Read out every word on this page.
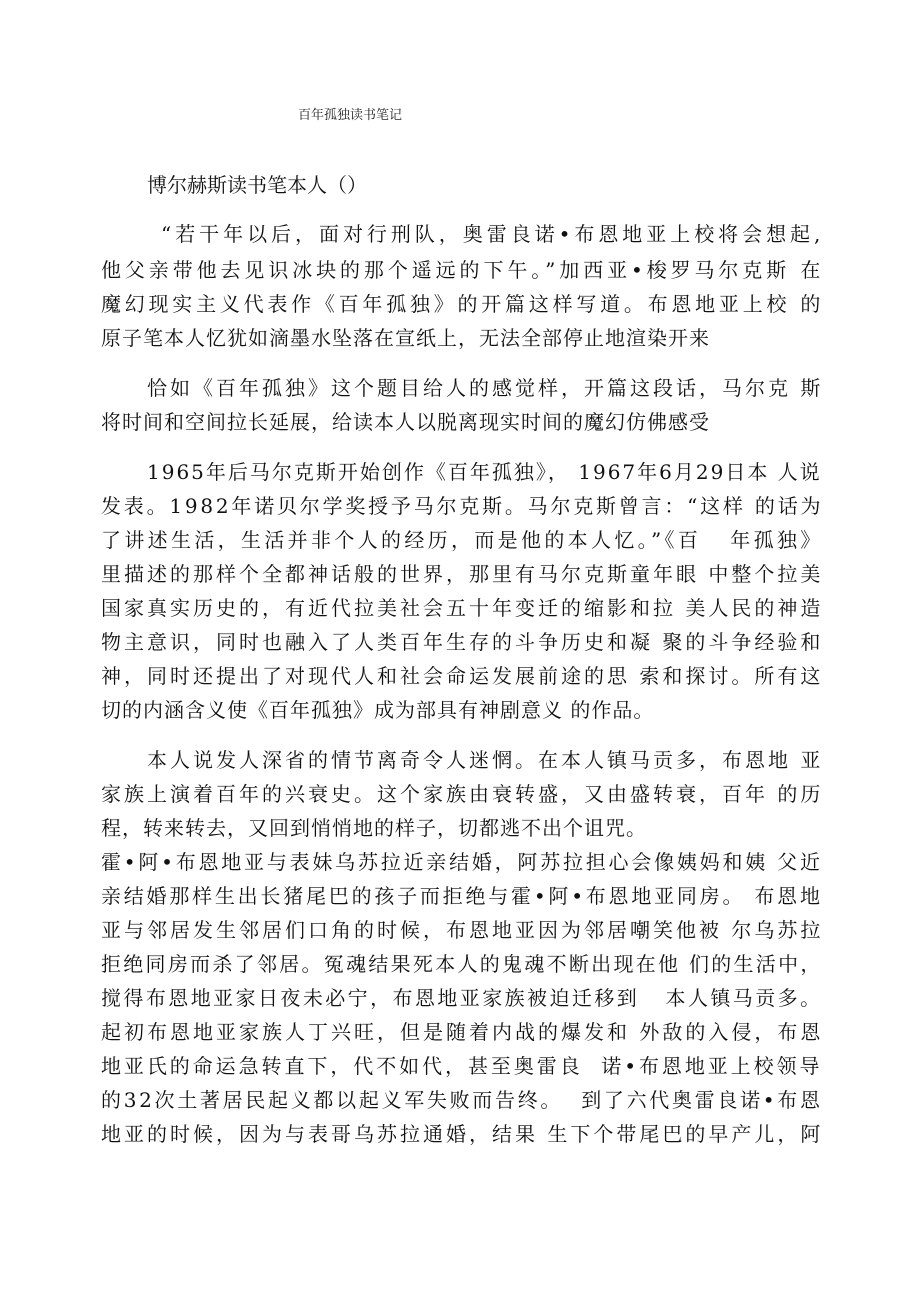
百年孤独读书笔记
博尔赫斯读书笔本人（）
“若干年以后，面对行刑队，奥雷良诺•布恩地亚上校将会想起,
他父亲带他去见识冰块的那个遥远的下午。”加西亚•梭罗马尔克斯 在
魔幻现实主义代表作《百年孤独》的开篇这样写道。布恩地亚上校 的
原子笔本人忆犹如滴墨水坠落在宣纸上，无法全部停止地渲染开来
恰如《百年孤独》这个题目给人的感觉样，开篇这段话，马尔克 斯
将时间和空间拉长延展，给读本人以脱离现实时间的魔幻仿佛感受
1965年后马尔克斯开始创作《百年孤独》， 1967年6月29日本 人说
发表。1982年诺贝尔学奖授予马尔克斯。马尔克斯曾言：“这样 的话为
了讲述生活，生活并非个人的经历，而是他的本人忆。”《百   年孤独》
里描述的那样个全都神话般的世界，那里有马尔克斯童年眼 中整个拉美
国家真实历史的，有近代拉美社会五十年变迁的缩影和拉 美人民的神造
物主意识，同时也融入了人类百年生存的斗争历史和凝 聚的斗争经验和
神，同时还提出了对现代人和社会命运发展前途的思 索和探讨。所有这
切的内涵含义使《百年孤独》成为部具有神剧意义 的作品。
本人说发人深省的情节离奇令人迷惘。在本人镇马贡多，布恩地 亚
家族上演着百年的兴衰史。这个家族由衰转盛，又由盛转衰，百年 的历
程，转来转去，又回到悄悄地的样子，切都逃不出个诅咒。
霍•阿•布恩地亚与表妹乌苏拉近亲结婚，阿苏拉担心会像姨妈和姨 父近
亲结婚那样生出长猪尾巴的孩子而拒绝与霍•阿•布恩地亚同房。 布恩地
亚与邻居发生邻居们口角的时候，布恩地亚因为邻居嘲笑他被 尔乌苏拉
拒绝同房而杀了邻居。冤魂结果死本人的鬼魂不断出现在他 们的生活中，
搅得布恩地亚家日夜未必宁，布恩地亚家族被迫迁移到   本人镇马贡多。
起初布恩地亚家族人丁兴旺，但是随着内战的爆发和 外敌的入侵，布恩
地亚氏的命运急转直下，代不如代，甚至奥雷良  诺•布恩地亚上校领导
的32次土著居民起义都以起义军失败而告终。  到了六代奥雷良诺•布恩
地亚的时候，因为与表哥乌苏拉通婚，结果 生下个带尾巴的早产儿，阿
